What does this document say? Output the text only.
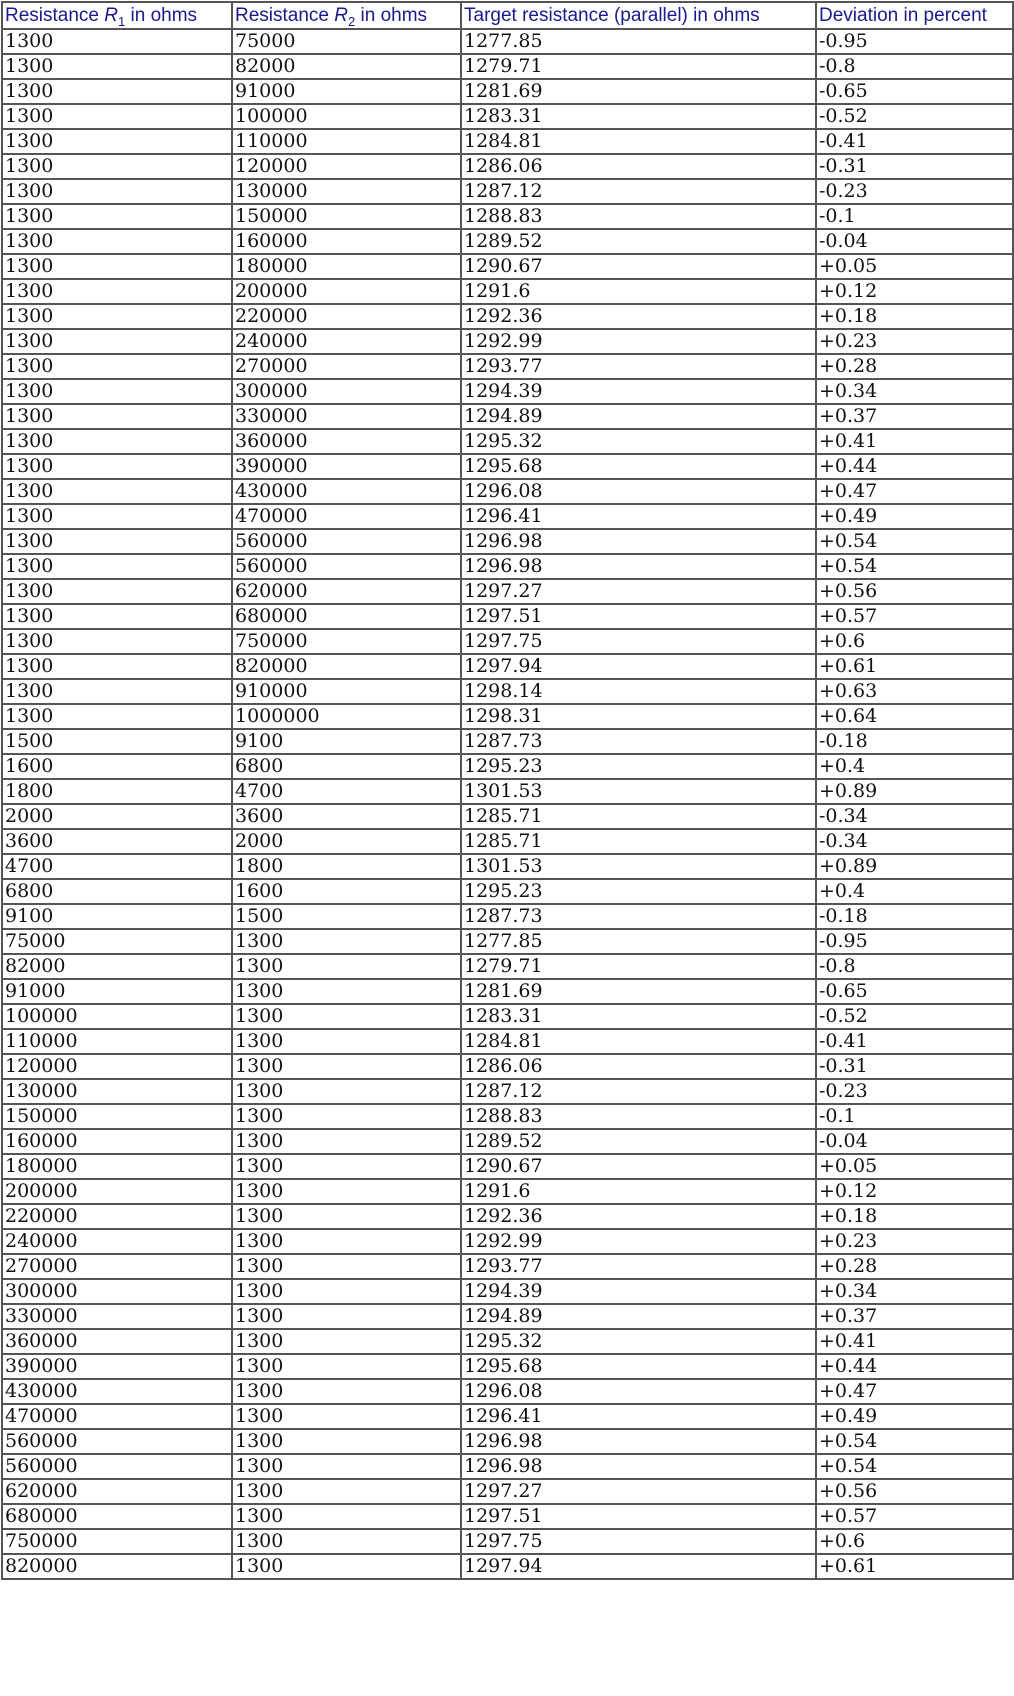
Resistance $R_1$ in ohms	Resistance $R_2$ in ohms	Target resistance (parallel) in ohms	Deviation in percent
1300	75000	1277.85	-0.95
1300	82000	1279.71	-0.8
1300	91000	1281.69	-0.65
1300	100000	1283.31	-0.52
1300	110000	1284.81	-0.41
1300	120000	1286.06	-0.31
1300	130000	1287.12	-0.23
1300	150000	1288.83	-0.1
1300	160000	1289.52	-0.04
1300	180000	1290.67	+0.05
1300	200000	1291.6	+0.12
1300	220000	1292.36	+0.18
1300	240000	1292.99	+0.23
1300	270000	1293.77	+0.28
1300	300000	1294.39	+0.34
1300	330000	1294.89	+0.37
1300	360000	1295.32	+0.41
1300	390000	1295.68	+0.44
1300	430000	1296.08	+0.47
1300	470000	1296.41	+0.49
1300	560000	1296.98	+0.54
1300	560000	1296.98	+0.54
1300	620000	1297.27	+0.56
1300	680000	1297.51	+0.57
1300	750000	1297.75	+0.6
1300	820000	1297.94	+0.61
1300	910000	1298.14	+0.63
1300	1000000	1298.31	+0.64
1500	9100	1287.73	-0.18
1600	6800	1295.23	+0.4
1800	4700	1301.53	+0.89
2000	3600	1285.71	-0.34
3600	2000	1285.71	-0.34
4700	1800	1301.53	+0.89
6800	1600	1295.23	+0.4
9100	1500	1287.73	-0.18
75000	1300	1277.85	-0.95
82000	1300	1279.71	-0.8
91000	1300	1281.69	-0.65
100000	1300	1283.31	-0.52
110000	1300	1284.81	-0.41
120000	1300	1286.06	-0.31
130000	1300	1287.12	-0.23
150000	1300	1288.83	-0.1
160000	1300	1289.52	-0.04
180000	1300	1290.67	+0.05
200000	1300	1291.6	+0.12
220000	1300	1292.36	+0.18
240000	1300	1292.99	+0.23
270000	1300	1293.77	+0.28
300000	1300	1294.39	+0.34
330000	1300	1294.89	+0.37
360000	1300	1295.32	+0.41
390000	1300	1295.68	+0.44
430000	1300	1296.08	+0.47
470000	1300	1296.41	+0.49
560000	1300	1296.98	+0.54
560000	1300	1296.98	+0.54
620000	1300	1297.27	+0.56
680000	1300	1297.51	+0.57
750000	1300	1297.75	+0.6
820000	1300	1297.94	+0.61
